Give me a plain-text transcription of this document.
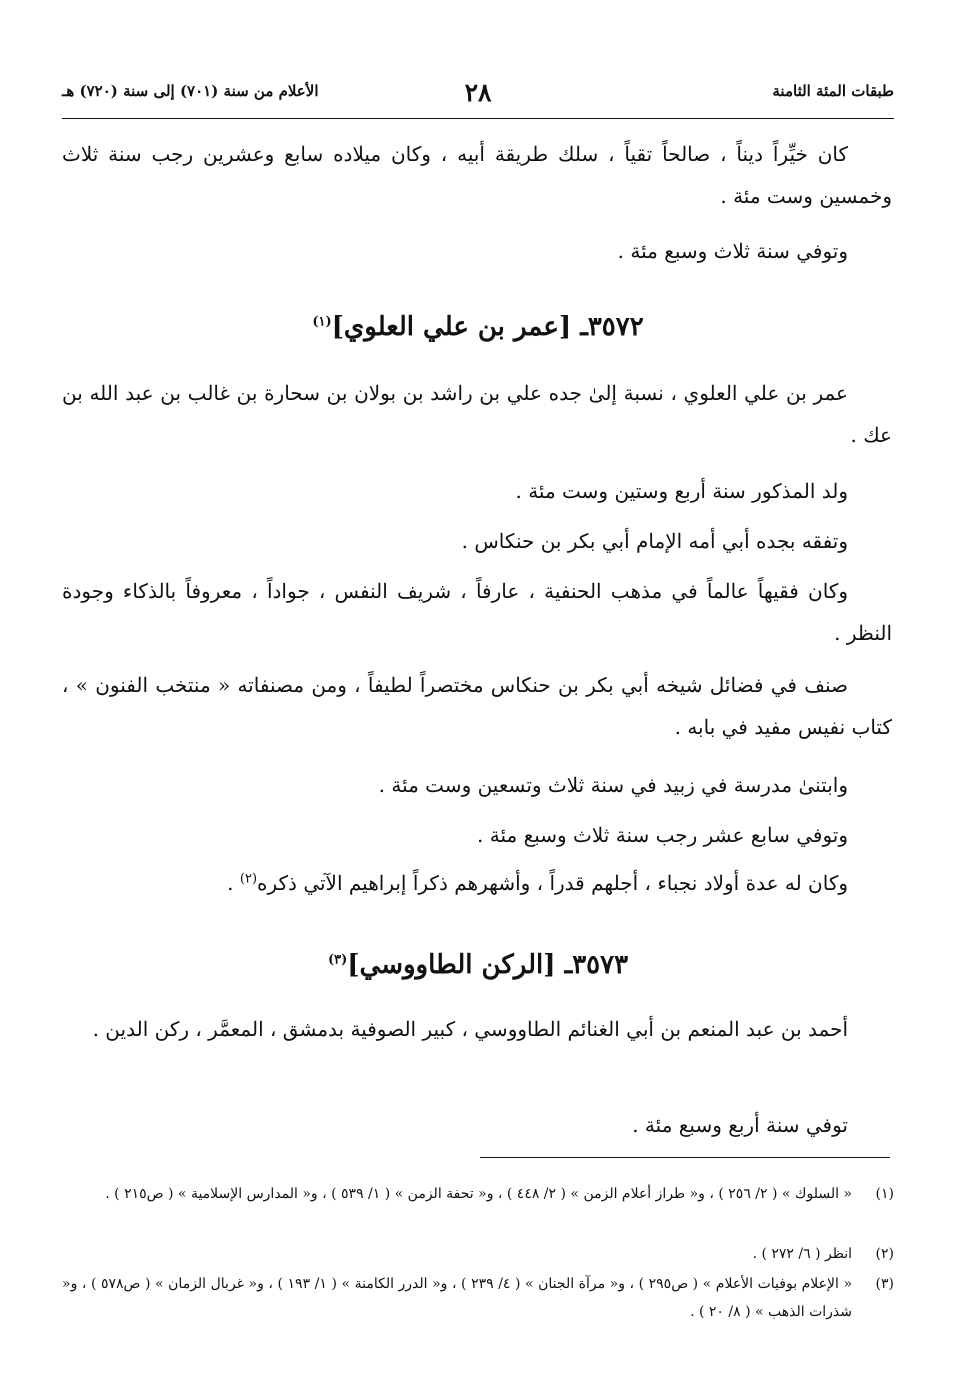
طبقات المئة الثامنة
٢٨
الأعلام من سنة (٧٠١) إلى سنة (٧٢٠) هـ
كان خيِّراً ديناً ، صالحاً تقياً ، سلك طريقة أبيه ، وكان ميلاده سابع وعشرين رجب سنة ثلاث وخمسين وست مئة .
وتوفي سنة ثلاث وسبع مئة .
٣٥٧٢ـ [عمر بن علي العلوي]$^{(١)}$
عمر بن علي العلوي ، نسبة إلىٰ جده علي بن راشد بن بولان بن سحارة بن غالب بن عبد الله بن عك .
ولد المذكور سنة أربع وستين وست مئة .
وتفقه بجده أبي أمه الإمام أبي بكر بن حنكاس .
وكان فقيهاً عالماً في مذهب الحنفية ، عارفاً ، شريف النفس ، جواداً ، معروفاً بالذكاء وجودة النظر .
صنف في فضائل شيخه أبي بكر بن حنكاس مختصراً لطيفاً ، ومن مصنفاته « منتخب الفنون » ، كتاب نفيس مفيد في بابه .
وابتنىٰ مدرسة في زبيد في سنة ثلاث وتسعين وست مئة .
وتوفي سابع عشر رجب سنة ثلاث وسبع مئة .
وكان له عدة أولاد نجباء ، أجلهم قدراً ، وأشهرهم ذكراً إبراهيم الآتي ذكره$^{(٢)}$ .
٣٥٧٣ـ [الركن الطاووسي]$^{(٣)}$
أحمد بن عبد المنعم بن أبي الغنائم الطاووسي ، كبير الصوفية بدمشق ، المعمَّر ، ركن الدين .
توفي سنة أربع وسبع مئة .
(١)
« السلوك » ( ٢/ ٢٥٦ ) ، و« طراز أعلام الزمن » ( ٢/ ٤٤٨ ) ، و« تحفة الزمن » ( ١/ ٥٣٩ ) ، و« المدارس الإسلامية » ( ص٢١٥ ) .
(٢)
انظر ( ٦/ ٢٧٢ ) .
(٣)
« الإعلام بوفيات الأعلام » ( ص٢٩٥ ) ، و« مرآة الجنان » ( ٤/ ٢٣٩ ) ، و« الدرر الكامنة » ( ١/ ١٩٣ ) ، و« غربال الزمان » ( ص٥٧٨ ) ، و« شذرات الذهب » ( ٨/ ٢٠ ) .
